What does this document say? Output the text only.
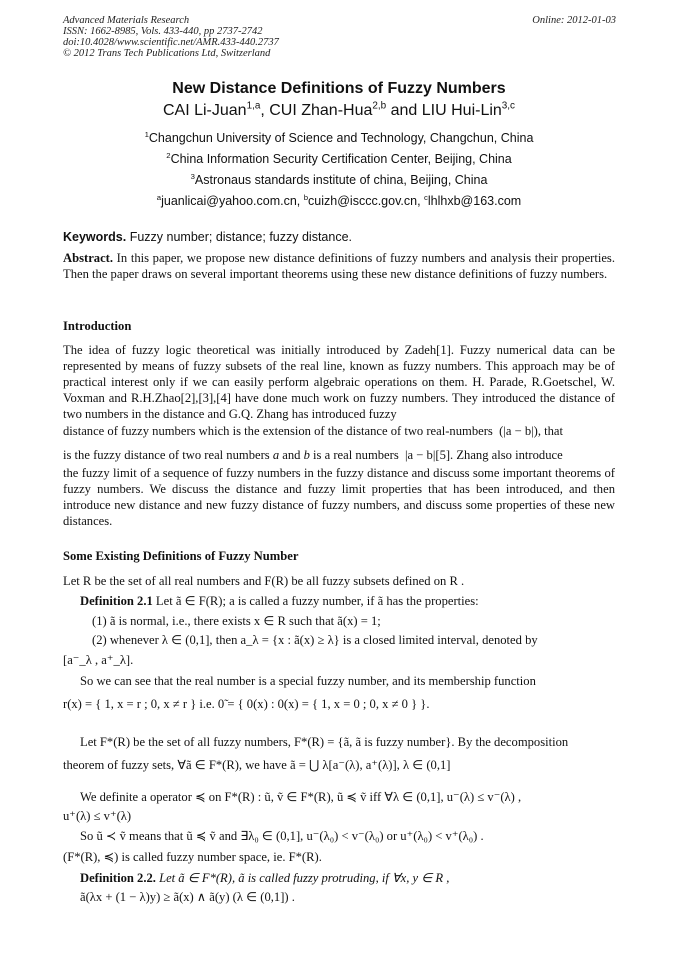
Advanced Materials Research
ISSN: 1662-8985, Vols. 433-440, pp 2737-2742
doi:10.4028/www.scientific.net/AMR.433-440.2737
© 2012 Trans Tech Publications Ltd, Switzerland
Online: 2012-01-03
New Distance Definitions of Fuzzy Numbers
CAI Li-Juan$^{1,a}$, CUI Zhan-Hua$^{2,b}$ and LIU Hui-Lin$^{3,c}$
$^1$Changchun University of Science and Technology, Changchun, China
$^2$China Information Security Certification Center, Beijing, China
$^3$Astronaus standards institute of china, Beijing, China
$^a$juanlicai@yahoo.com.cn, $^b$cuizh@isccc.gov.cn, $^c$lhlhxb@163.com
Keywords. Fuzzy number; distance; fuzzy distance.
Abstract. In this paper, we propose new distance definitions of fuzzy numbers and analysis their properties. Then the paper draws on several important theorems using these new distance definitions of fuzzy numbers.
Introduction
The idea of fuzzy logic theoretical was initially introduced by Zadeh[1]. Fuzzy numerical data can be represented by means of fuzzy subsets of the real line, known as fuzzy numbers. This approach may be of practical interest only if we can easily perform algebraic operations on them. H. Parade, R.Goetschel, W. Voxman and R.H.Zhao[2],[3],[4] have done much work on fuzzy numbers. They introduced the distance of two numbers in the distance and G.Q. Zhang has introduced fuzzy
distance of fuzzy numbers which is the extension of the distance of two real-numbers (|a − b|), that
is the fuzzy distance of two real numbers a and b is a real numbers |a − b|[5]. Zhang also introduce
the fuzzy limit of a sequence of fuzzy numbers in the fuzzy distance and discuss some important theorems of fuzzy numbers. We discuss the distance and fuzzy limit properties that has been introduced, and then introduce new distance and new fuzzy distance of fuzzy numbers, and discuss some properties of these new distances.
Some Existing Definitions of Fuzzy Number
Let R be the set of all real numbers and F(R) be all fuzzy subsets defined on R .
Definition 2.1 Let ã ∈ F(R); a is called a fuzzy number, if ã has the properties:
(1) ã is normal, i.e., there exists x ∈ R such that ã(x) = 1;
(2) whenever λ ∈ (0,1], then a_λ = {x : ã(x) ≥ λ} is a closed limited interval, denoted by
[a⁻_λ , a⁺_λ].
So we can see that the real number is a special fuzzy number, and its membership function
r(x) = { 1, x = r ; 0, x ≠ r } i.e. 0̃ = { 0(x) : 0(x) = { 1, x = 0 ; 0, x ≠ 0 } }.
Let F*(R) be the set of all fuzzy numbers, F*(R) = {ã, ã is fuzzy number}. By the decomposition
theorem of fuzzy sets, ∀ã ∈ F*(R), we have ã = ⋃ λ[a⁻(λ), a⁺(λ)], λ ∈ (0,1]
We definite a operator ≼ on F*(R) : ũ, ṽ ∈ F*(R), ũ ≼ ṽ iff ∀λ ∈ (0,1], u⁻(λ) ≤ v⁻(λ) ,
u⁺(λ) ≤ v⁺(λ)
So ũ ≺ ṽ means that ũ ≼ ṽ and ∃λ₀ ∈ (0,1], u⁻(λ₀) < v⁻(λ₀) or u⁺(λ₀) < v⁺(λ₀) .
(F*(R), ≼) is called fuzzy number space, ie. F*(R).
Definition 2.2. Let ã ∈ F*(R), ã is called fuzzy protruding, if ∀x, y ∈ R ,
ã(λx + (1 − λ)y) ≥ ã(x) ∧ ã(y) (λ ∈ (0,1]) .
